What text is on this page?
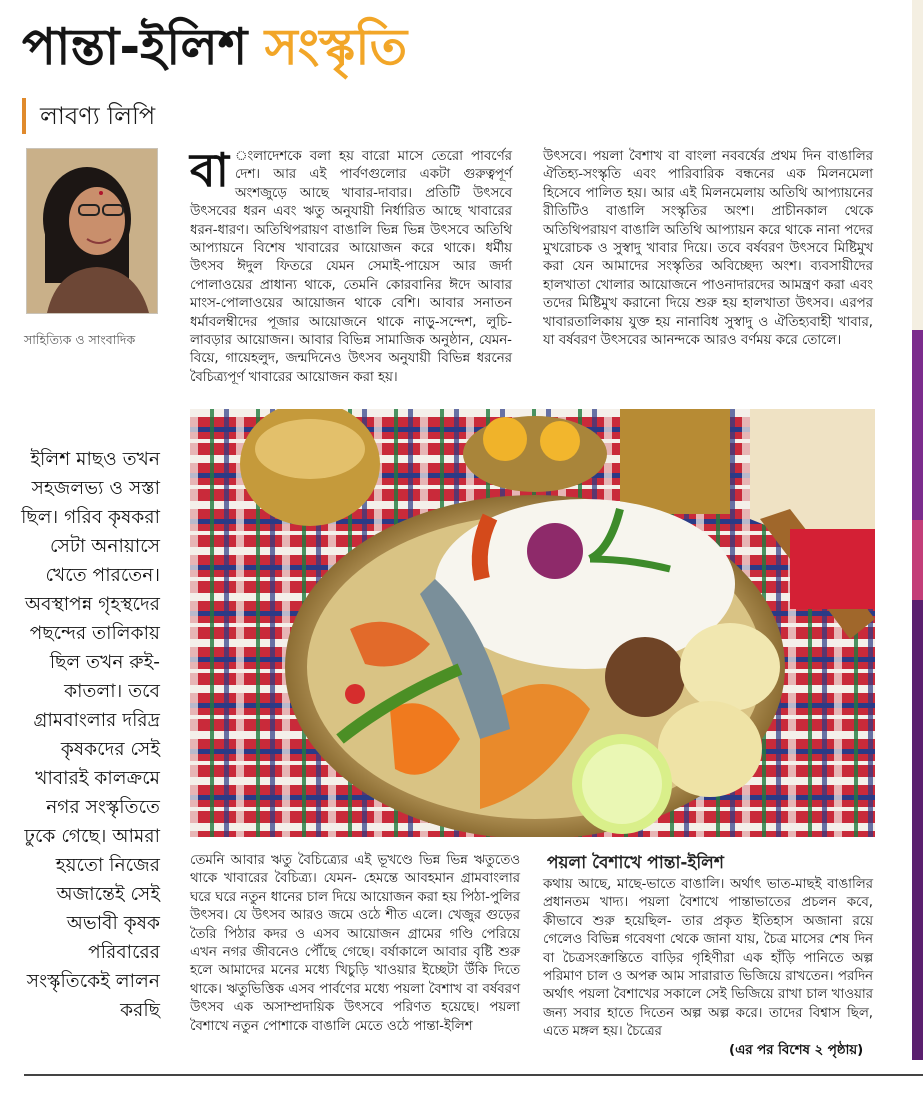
পান্তা-ইলিশ সংস্কৃতি
লাবণ্য লিপি
সাহিত্যিক ও সাংবাদিক
বা ংলাদেশকে বলা হয় বারো মাসে তেরো পাবর্ণের দেশ। আর এই পার্বণগুলোর একটা গুরুত্বপূর্ণ অংশজুড়ে আছে খাবার-দাবার। প্রতিটি উৎসবে উৎসবের ধরন এবং ঋতু অনুযায়ী নির্ধারিত আছে খাবারের ধরন-ধারণ। অতিথিপরায়ণ বাঙালি ভিন্ন ভিন্ন উৎসবে অতিথি আপ্যায়নে বিশেষ খাবারের আয়োজন করে থাকে। ধর্মীয় উৎসব ঈদুল ফিতরে যেমন সেমাই-পায়েস আর জর্দা পোলাওয়ের প্রাধান্য থাকে, তেমনি কোরবানির ঈদে আবার মাংস-পোলাওয়ের আয়োজন থাকে বেশি। আবার সনাতন ধর্মাবলম্বীদের পূজার আয়োজনে থাকে নাড়ু-সন্দেশ, লুচি-লাবড়ার আয়োজন। আবার বিভিন্ন সামাজিক অনুষ্ঠান, যেমন- বিয়ে, গায়েহলুদ, জন্মদিনেও উৎসব অনুযায়ী বিভিন্ন ধরনের বৈচিত্র্যপূর্ণ খাবারের আয়োজন করা হয়।
উৎসবে। পয়লা বৈশাখ বা বাংলা নববর্ষের প্রথম দিন বাঙালির ঐতিহ্য-সংস্কৃতি এবং পারিবারিক বন্ধনের এক মিলনমেলা হিসেবে পালিত হয়। আর এই মিলনমেলায় অতিথি আপ্যায়নের রীতিটিও বাঙালি সংস্কৃতির অংশ। প্রাচীনকাল থেকে অতিথিপরায়ণ বাঙালি অতিথি আপ্যায়ন করে থাকে নানা পদের মুখরোচক ও সুস্বাদু খাবার দিয়ে। তবে বর্ষবরণ উৎসবে মিষ্টিমুখ করা যেন আমাদের সংস্কৃতির অবিচ্ছেদ্য অংশ। ব্যবসায়ীদের হালখাতা খোলার আয়োজনে পাওনাদারদের আমন্ত্রণ করা এবং তদের মিষ্টিমুখ করানো দিয়ে শুরু হয় হালখাতা উৎসব। এরপর খাবারতালিকায় যুক্ত হয় নানাবিধ সুস্বাদু ও ঐতিহ্যবাহী খাবার, যা বর্ষবরণ উৎসবের আনন্দকে আরও বর্ণময় করে তোলে।
ইলিশ মাছও তখন সহজলভ্য ও সস্তা ছিল। গরিব কৃষকরা সেটা অনায়াসে খেতে পারতেন। অবস্থাপন্ন গৃহস্থদের পছন্দের তালিকায় ছিল তখন রুই-কাতলা। তবে গ্রামবাংলার দরিদ্র কৃষকদের সেই খাবারই কালক্রমে নগর সংস্কৃতিতে ঢুকে গেছে। আমরা হয়তো নিজের অজান্তেই সেই অভাবী কৃষক পরিবারের সংস্কৃতিকেই লালন করছি
তেমনি আবার ঋতু বৈচিত্র্যের এই ভূখণ্ডে ভিন্ন ভিন্ন ঋতুতেও থাকে খাবারের বৈচিত্র্য। যেমন- হেমন্তে আবহমান গ্রামবাংলার ঘরে ঘরে নতুন ধানের চাল দিয়ে আয়োজন করা হয় পিঠা-পুলির উৎসব। যে উৎসব আরও জমে ওঠে শীত এলে। খেজুর গুড়ের তৈরি পিঠার কদর ও এসব আয়োজন গ্রামের গণ্ডি পেরিয়ে এখন নগর জীবনেও পৌঁছে গেছে। বর্ষাকালে আবার বৃষ্টি শুরু হলে আমাদের মনের মধ্যে খিচুড়ি খাওয়ার ইচ্ছেটা উঁকি দিতে থাকে। ঋতুভিত্তিক এসব পার্বণের মধ্যে পয়লা বৈশাখ বা বর্ষবরণ উৎসব এক অসাম্প্রদায়িক উৎসবে পরিণত হয়েছে। পয়লা বৈশাখে নতুন পোশাকে বাঙালি মেতে ওঠে পান্তা-ইলিশ
পয়লা বৈশাখে পান্তা-ইলিশ
কথায় আছে, মাছে-ভাতে বাঙালি। অর্থাৎ ভাত-মাছই বাঙালির প্রধানতম খাদ্য। পয়লা বৈশাখে পান্তাভাতের প্রচলন কবে, কীভাবে শুরু হয়েছিল- তার প্রকৃত ইতিহাস অজানা রয়ে গেলেও বিভিন্ন গবেষণা থেকে জানা যায়, চৈত্র মাসের শেষ দিন বা চৈত্রসংক্রান্তিতে বাড়ির গৃহিণীরা এক হাঁড়ি পানিতে অল্প পরিমাণ চাল ও অপক্ব আম সারারাত ভিজিয়ে রাখতেন। পরদিন অর্থাৎ পয়লা বৈশাখের সকালে সেই ভিজিয়ে রাখা চাল খাওয়ার জন্য সবার হাতে দিতেন অল্প অল্প করে। তাদের বিশ্বাস ছিল, এতে মঙ্গল হয়। চৈত্রের
(এর পর বিশেষ ২ পৃষ্ঠায়)
